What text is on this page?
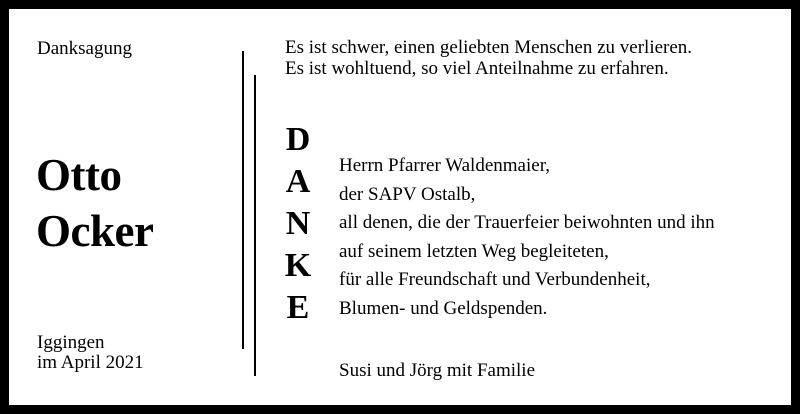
Danksagung
Otto
Ocker
Iggingen
im April 2021
Es ist schwer, einen geliebten Menschen zu verlieren.
Es ist wohltuend, so viel Anteilnahme zu erfahren.
D
A
N
K
E
Herrn Pfarrer Waldenmaier,
der SAPV Ostalb,
all denen, die der Trauerfeier beiwohnten und ihn
auf seinem letzten Weg begleiteten,
für alle Freundschaft und Verbundenheit,
Blumen- und Geldspenden.
Susi und Jörg mit Familie
